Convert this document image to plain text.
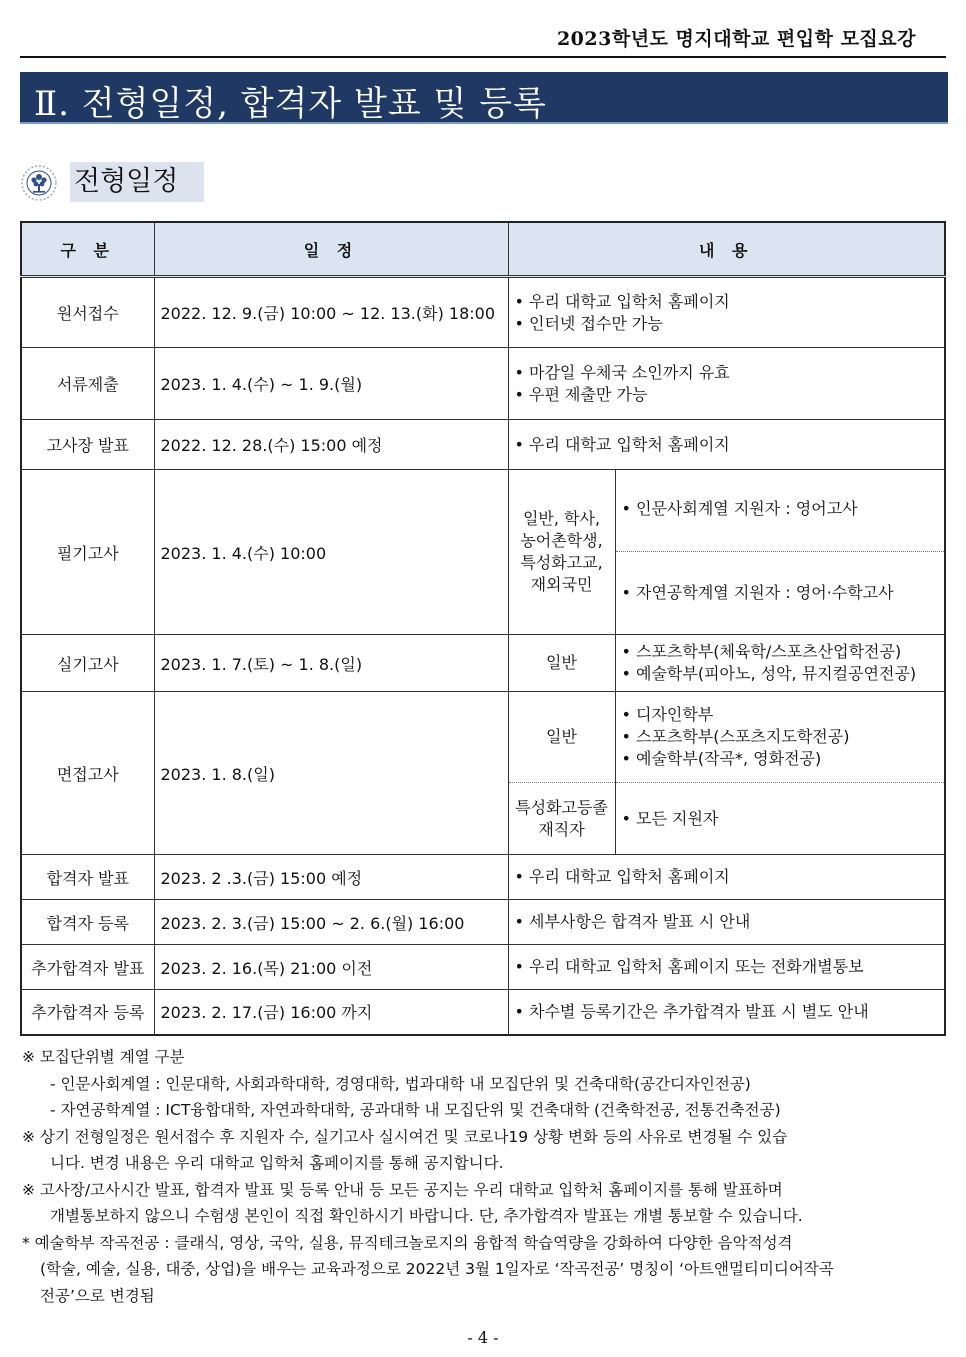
2023학년도 명지대학교 편입학 모집요강
Ⅱ. 전형일정, 합격자 발표 및 등록
전형일정
구 분	일 정	내 용	
원서접수	2022. 12. 9.(금) 10:00 ~ 12. 13.(화) 18:00	• 우리 대학교 입학처 홈페이지
• 인터넷 접수만 가능	

서류제출	2023. 1. 4.(수) ~ 1. 9.(월)	• 마감일 우체국 소인까지 유효
• 우편 제출만 가능	

고사장 발표	2022. 12. 28.(수) 15:00 예정	• 우리 대학교 입학처 홈페이지	
필기고사	2023. 1. 4.(수) 10:00	일반, 학사,
농어촌학생,
특성화고교,
재외국민	• 인문사회계열 지원자 : 영어고사
			• 자연공학계열 지원자 : 영어·수학고사
실기고사	2023. 1. 7.(토) ~ 1. 8.(일)	일반	• 스포츠학부(체육학/스포츠산업학전공)
• 예술학부(피아노, 성악, 뮤지컬공연전공)

면접고사	2023. 1. 8.(일)	일반	• 디자인학부
• 스포츠학부(스포츠지도학전공)
• 예술학부(작곡*, 영화전공)

		특성화고등졸
재직자	• 모든 지원자
합격자 발표	2023. 2 .3.(금) 15:00 예정	• 우리 대학교 입학처 홈페이지	
합격자 등록	2023. 2. 3.(금) 15:00 ~ 2. 6.(월) 16:00	• 세부사항은 합격자 발표 시 안내	
추가합격자 발표	2023. 2. 16.(목) 21:00 이전	• 우리 대학교 입학처 홈페이지 또는 전화개별통보	
추가합격자 등록	2023. 2. 17.(금) 16:00 까지	• 차수별 등록기간은 추가합격자 발표 시 별도 안내	

※ 모집단위별 계열 구분

- 인문사회계열 : 인문대학, 사회과학대학, 경영대학, 법과대학 내 모집단위 및 건축대학(공간디자인전공)

- 자연공학계열 : ICT융합대학, 자연과학대학, 공과대학 내 모집단위 및 건축대학 (건축학전공, 전통건축전공)

※ 상기 전형일정은 원서접수 후 지원자 수, 실기고사 실시여건 및 코로나19 상황 변화 등의 사유로 변경될 수 있습

니다. 변경 내용은 우리 대학교 입학처 홈페이지를 통해 공지합니다.

※ 고사장/고사시간 발표, 합격자 발표 및 등록 안내 등 모든 공지는 우리 대학교 입학처 홈페이지를 통해 발표하며

개별통보하지 않으니 수험생 본인이 직접 확인하시기 바랍니다. 단, 추가합격자 발표는 개별 통보할 수 있습니다.

* 예술학부 작곡전공 : 클래식, 영상, 국악, 실용, 뮤직테크놀로지의 융합적 학습역량을 강화하여 다양한 음악적성격

(학술, 예술, 실용, 대중, 상업)을 배우는 교육과정으로 2022년 3월 1일자로 ‘작곡전공’ 명칭이 ‘아트앤멀티미디어작곡

전공’으로 변경됨

- 4 -
